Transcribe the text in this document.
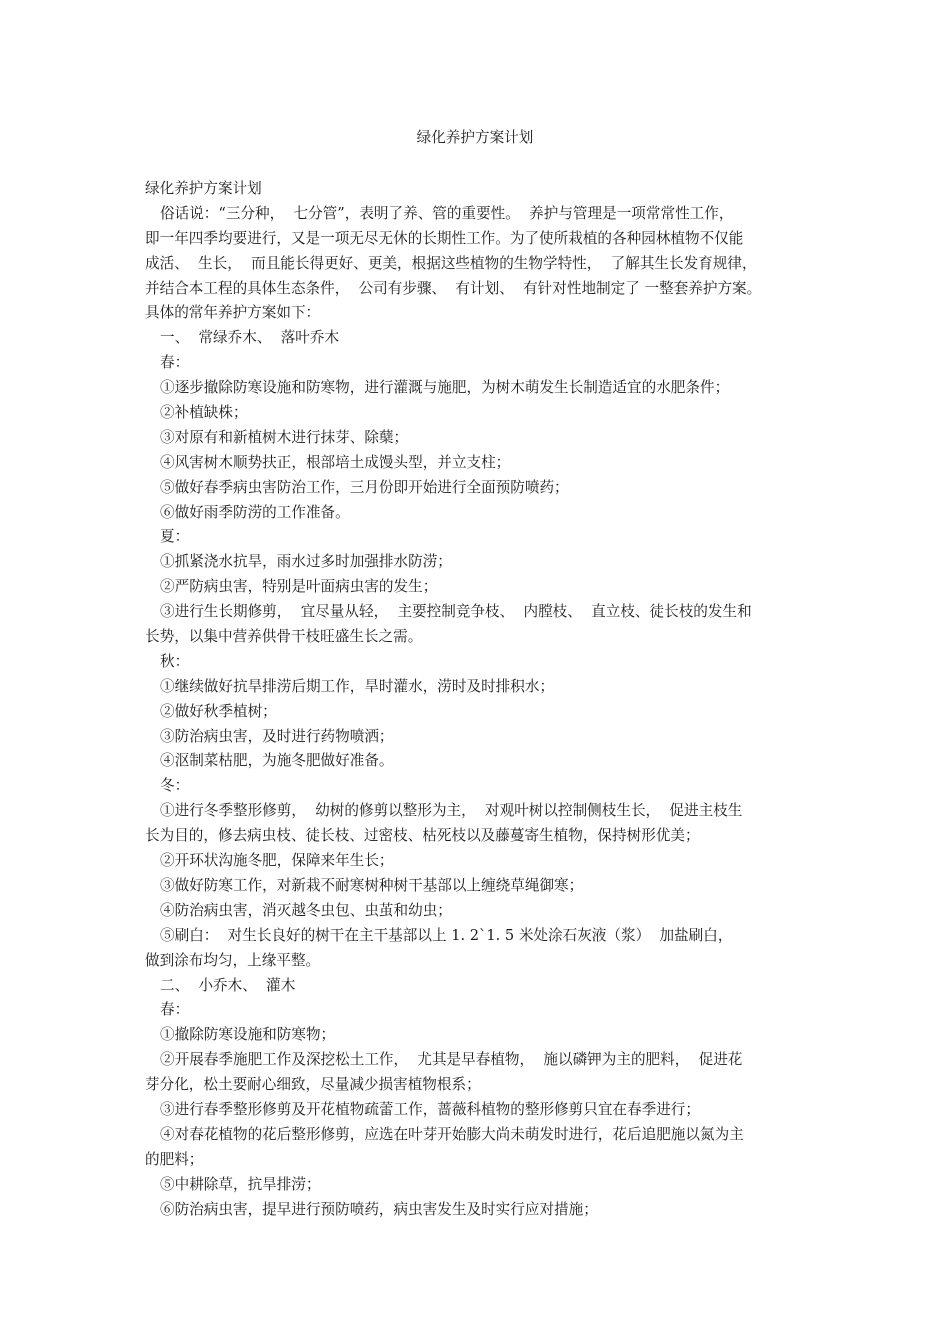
绿化养护方案计划
绿化养护方案计划
俗话说：“三分种，  七分管”，表明了养、管的重要性。  养护与管理是一项常常性工作，
即一年四季均要进行，又是一项无尽无休的长期性工作。为了使所栽植的各种园林植物不仅能
成活、  生长，  而且能长得更好、更美，根据这些植物的生物学特性，  了解其生长发育规律，
并结合本工程的具体生态条件，  公司有步骤、  有计划、  有针对性地制定了 一整套养护方案。
具体的常年养护方案如下：
一、  常绿乔木、  落叶乔木
春：
①逐步撤除防寒设施和防寒物，进行灌溉与施肥，为树木萌发生长制造适宜的水肥条件；
②补植缺株；
③对原有和新植树木进行抹芽、除蘖；
④风害树木顺势扶正，根部培土成馒头型，并立支柱；
⑤做好春季病虫害防治工作，三月份即开始进行全面预防喷药；
⑥做好雨季防涝的工作准备。
夏：
①抓紧浇水抗旱，雨水过多时加强排水防涝；
②严防病虫害，特别是叶面病虫害的发生；
③进行生长期修剪，  宜尽量从轻，  主要控制竞争枝、  内膛枝、  直立枝、徒长枝的发生和
长势，以集中营养供骨干枝旺盛生长之需。
秋：
①继续做好抗旱排涝后期工作，旱时灌水，涝时及时排积水；
②做好秋季植树；
③防治病虫害，及时进行药物喷洒；
④沤制菜枯肥，为施冬肥做好准备。
冬：
①进行冬季整形修剪，  幼树的修剪以整形为主，  对观叶树以控制侧枝生长，  促进主枝生
长为目的，修去病虫枝、徒长枝、过密枝、枯死枝以及藤蔓寄生植物，保持树形优美；
②开环状沟施冬肥，保障来年生长；
③做好防寒工作，对新栽不耐寒树种树干基部以上缠绕草绳御寒；
④防治病虫害，消灭越冬虫包、虫茧和幼虫；
⑤刷白：  对生长良好的树干在主干基部以上 1. 2`1. 5 米处涂石灰液（浆）  加盐刷白，
做到涂布均匀，上缘平整。
二、  小乔木、  灌木
春：
①撤除防寒设施和防寒物；
②开展春季施肥工作及深挖松土工作，  尤其是早春植物，  施以磷钾为主的肥料，  促进花
芽分化，松土要耐心细致，尽量减少损害植物根系；
③进行春季整形修剪及开花植物疏蕾工作，蔷薇科植物的整形修剪只宜在春季进行；
④对春花植物的花后整形修剪，应选在叶芽开始膨大尚未萌发时进行，花后追肥施以氮为主
的肥料；
⑤中耕除草，抗旱排涝；
⑥防治病虫害，提早进行预防喷药，病虫害发生及时实行应对措施；
